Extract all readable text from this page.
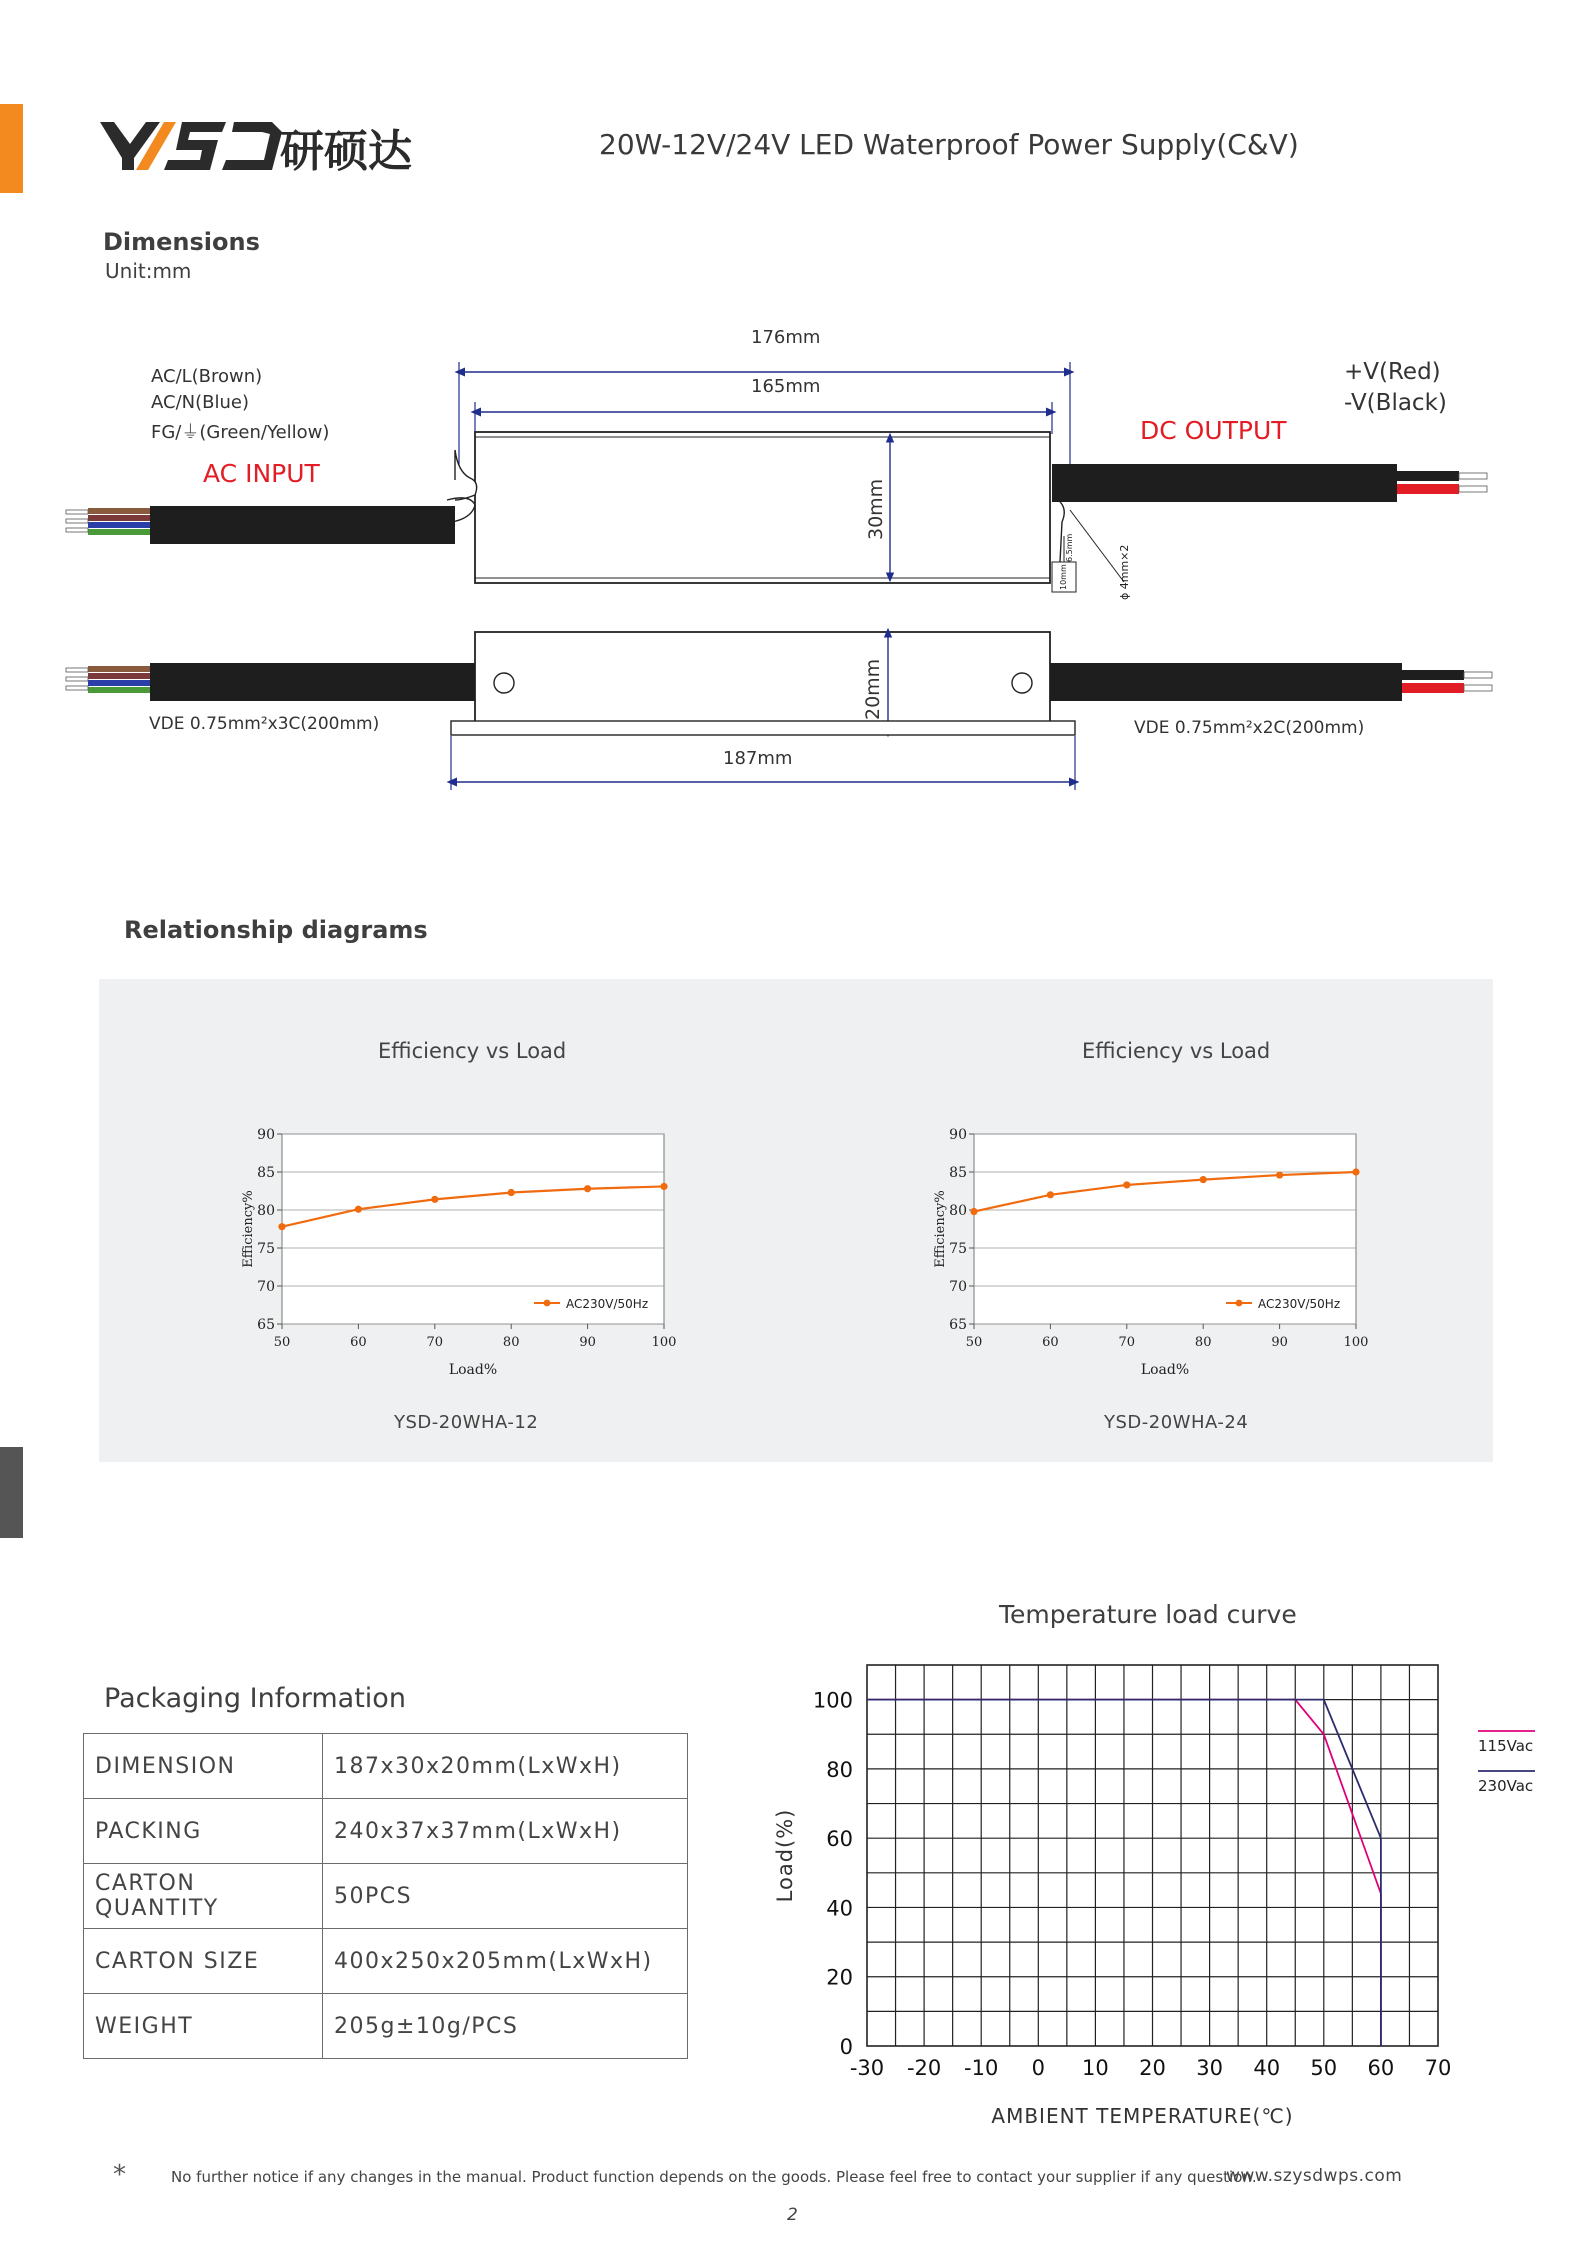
研硕达	20W-12V/24V LED Waterproof Power Supply(C&V)
Dimensions
Unit:mm
10mm
6.5mm	ϕ 4mm×2
30mm
20mm
176mm
165mm
187mm
AC/L(Brown)
AC/N(Blue)
FG/⏚(Green/Yellow)
AC INPUT
+V(Red)
-V(Black)
DC OUTPUT
VDE 0.75mm²x3C(200mm)	VDE 0.75mm²x2C(200mm)
Relationship diagrams
Efficiency vs Load	Efficiency vs Load
YSD-20WHA-12	YSD-20WHA-24
65
70
75
80
85
90
50	60	70	80	90	100
Load%
Efficiency%
AC230V/50Hz
65
70
75
80
85
90
50	60	70	80	90	100
Load%
Efficiency%
AC230V/50Hz
Temperature load curve
-30 -20 -10 0 10 20 30 40 50 60 70
0
20
40
60
80
100
AMBIENT TEMPERATURE(℃)
Load(%)
115Vac
230Vac
Packaging Information
DIMENSION	187x30x20mm(LxWxH)
PACKING	240x37x37mm(LxWxH)
CARTON QUANTITY	50PCS
CARTON SIZE	400x250x205mm(LxWxH)
WEIGHT	205g±10g/PCS
*	No further notice if any changes in the manual. Product function depends on the goods. Please feel free to contact your supplier if any question.
www.szysdwps.com
2
